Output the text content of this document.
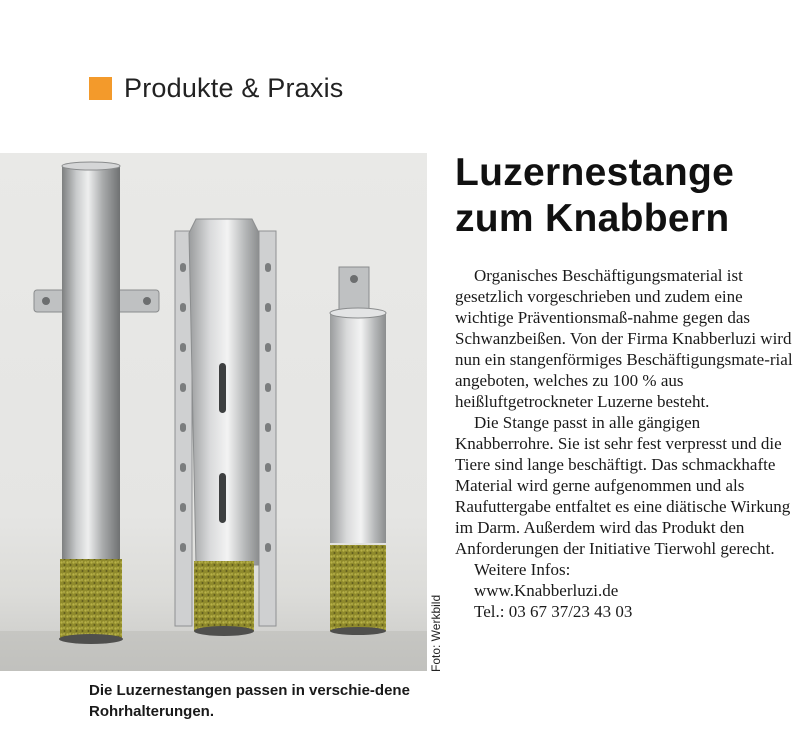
Produkte & Praxis
Foto: Werkbild
Die Luzernestangen passen in verschie-dene Rohrhalterungen.
Luzernestange
zum Knabbern

Organisches Beschäftigungsmaterial ist gesetzlich vorgeschrieben und zudem eine wichtige Präventionsmaß-nahme gegen das Schwanzbeißen. Von der Firma Knabberluzi wird nun ein stangenförmiges Beschäftigungsmate-rial angeboten, welches zu 100 % aus heißluftgetrockneter Luzerne besteht.

Die Stange passt in alle gängigen Knabberrohre. Sie ist sehr fest verpresst und die Tiere sind lange beschäftigt. Das schmackhafte Material wird gerne aufgenommen und als Raufuttergabe entfaltet es eine diätische Wirkung im Darm. Außerdem wird das Produkt den Anforderungen der Initiative Tierwohl gerecht.

Weitere Infos:
www.Knabberluzi.de
Tel.: 03 67 37/23 43 03
